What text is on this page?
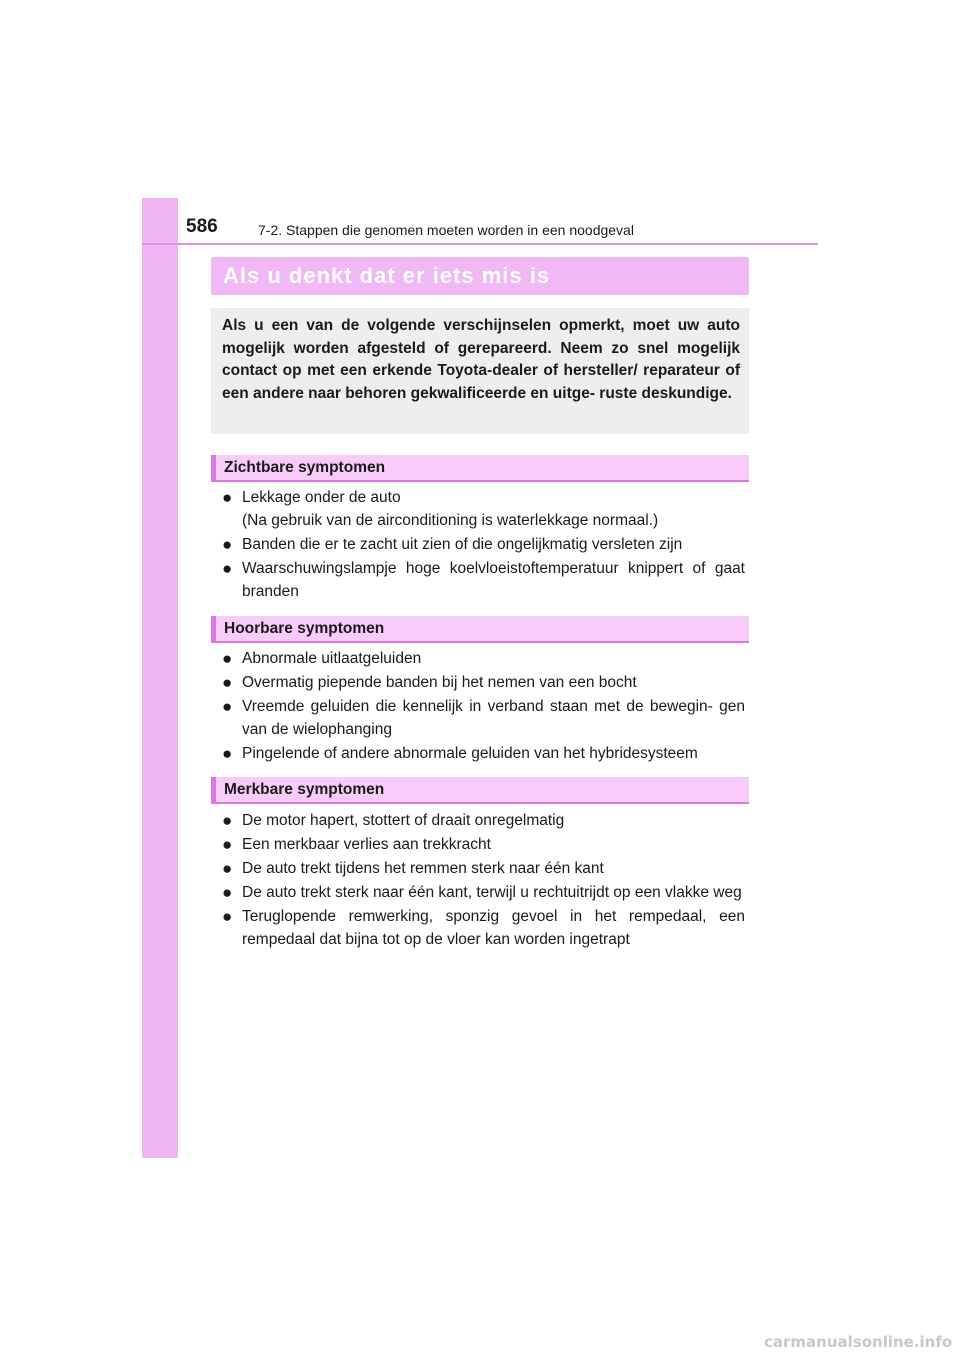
586	7-2. Stappen die genomen moeten worden in een noodgeval
Als u denkt dat er iets mis is

Als u een van de volgende verschijnselen opmerkt, moet uw auto mogelijk worden afgesteld of gerepareerd. Neem zo snel mogelijk contact op met een erkende Toyota-dealer of hersteller/ reparateur of een andere naar behoren gekwalificeerde en uitge- ruste deskundige.

Zichtbare symptomen
● Lekkage onder de auto
(Na gebruik van de airconditioning is waterlekkage normaal.)
● Banden die er te zacht uit zien of die ongelijkmatig versleten zijn
● Waarschuwingslampje hoge koelvloeistoftemperatuur knippert of gaat branden
Hoorbare symptomen
● Abnormale uitlaatgeluiden
● Overmatig piepende banden bij het nemen van een bocht
● Vreemde geluiden die kennelijk in verband staan met de bewegin- gen van de wielophanging
● Pingelende of andere abnormale geluiden van het hybridesysteem
Merkbare symptomen
● De motor hapert, stottert of draait onregelmatig
● Een merkbaar verlies aan trekkracht
● De auto trekt tijdens het remmen sterk naar één kant
● De auto trekt sterk naar één kant, terwijl u rechtuitrijdt op een vlakke weg
● Teruglopende remwerking, sponzig gevoel in het rempedaal, een rempedaal dat bijna tot op de vloer kan worden ingetrapt
carmanualsonline.info
